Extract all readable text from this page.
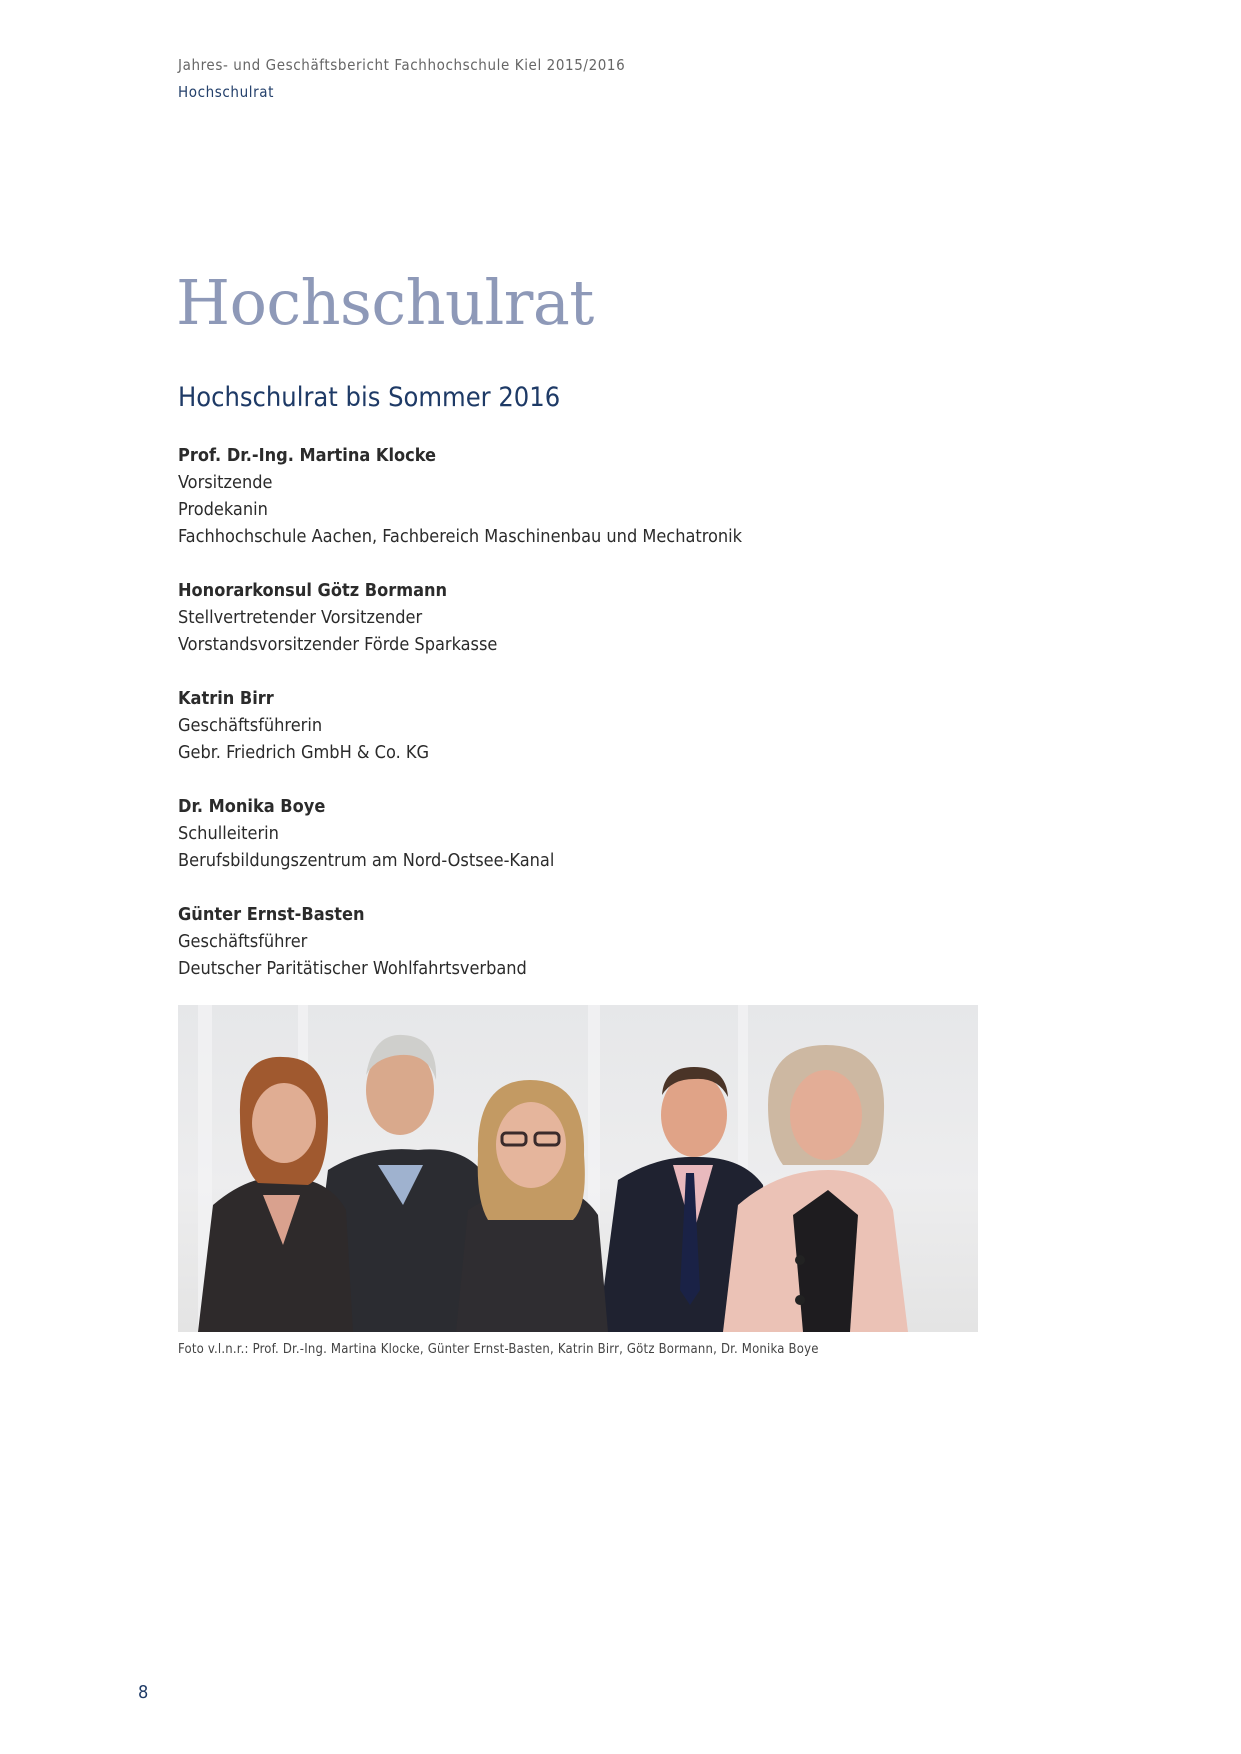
Jahres- und Geschäftsbericht Fachhochschule Kiel 2015/2016
Hochschulrat
Hochschulrat
Hochschulrat bis Sommer 2016

Prof. Dr.-Ing. Martina Klocke
Vorsitzende
Prodekanin
Fachhochschule Aachen, Fachbereich Maschinenbau und Mechatronik

Honorarkonsul Götz Bormann
Stellvertretender Vorsitzender
Vorstandsvorsitzender Förde Sparkasse

Katrin Birr
Geschäftsführerin
Gebr. Friedrich GmbH & Co. KG

Dr. Monika Boye
Schulleiterin
Berufsbildungszentrum am Nord-Ostsee-Kanal

Günter Ernst-Basten
Geschäftsführer
Deutscher Paritätischer Wohlfahrtsverband

Foto v.l.n.r.: Prof. Dr.-Ing. Martina Klocke, Günter Ernst-Basten, Katrin Birr, Götz Bormann, Dr. Monika Boye
8
